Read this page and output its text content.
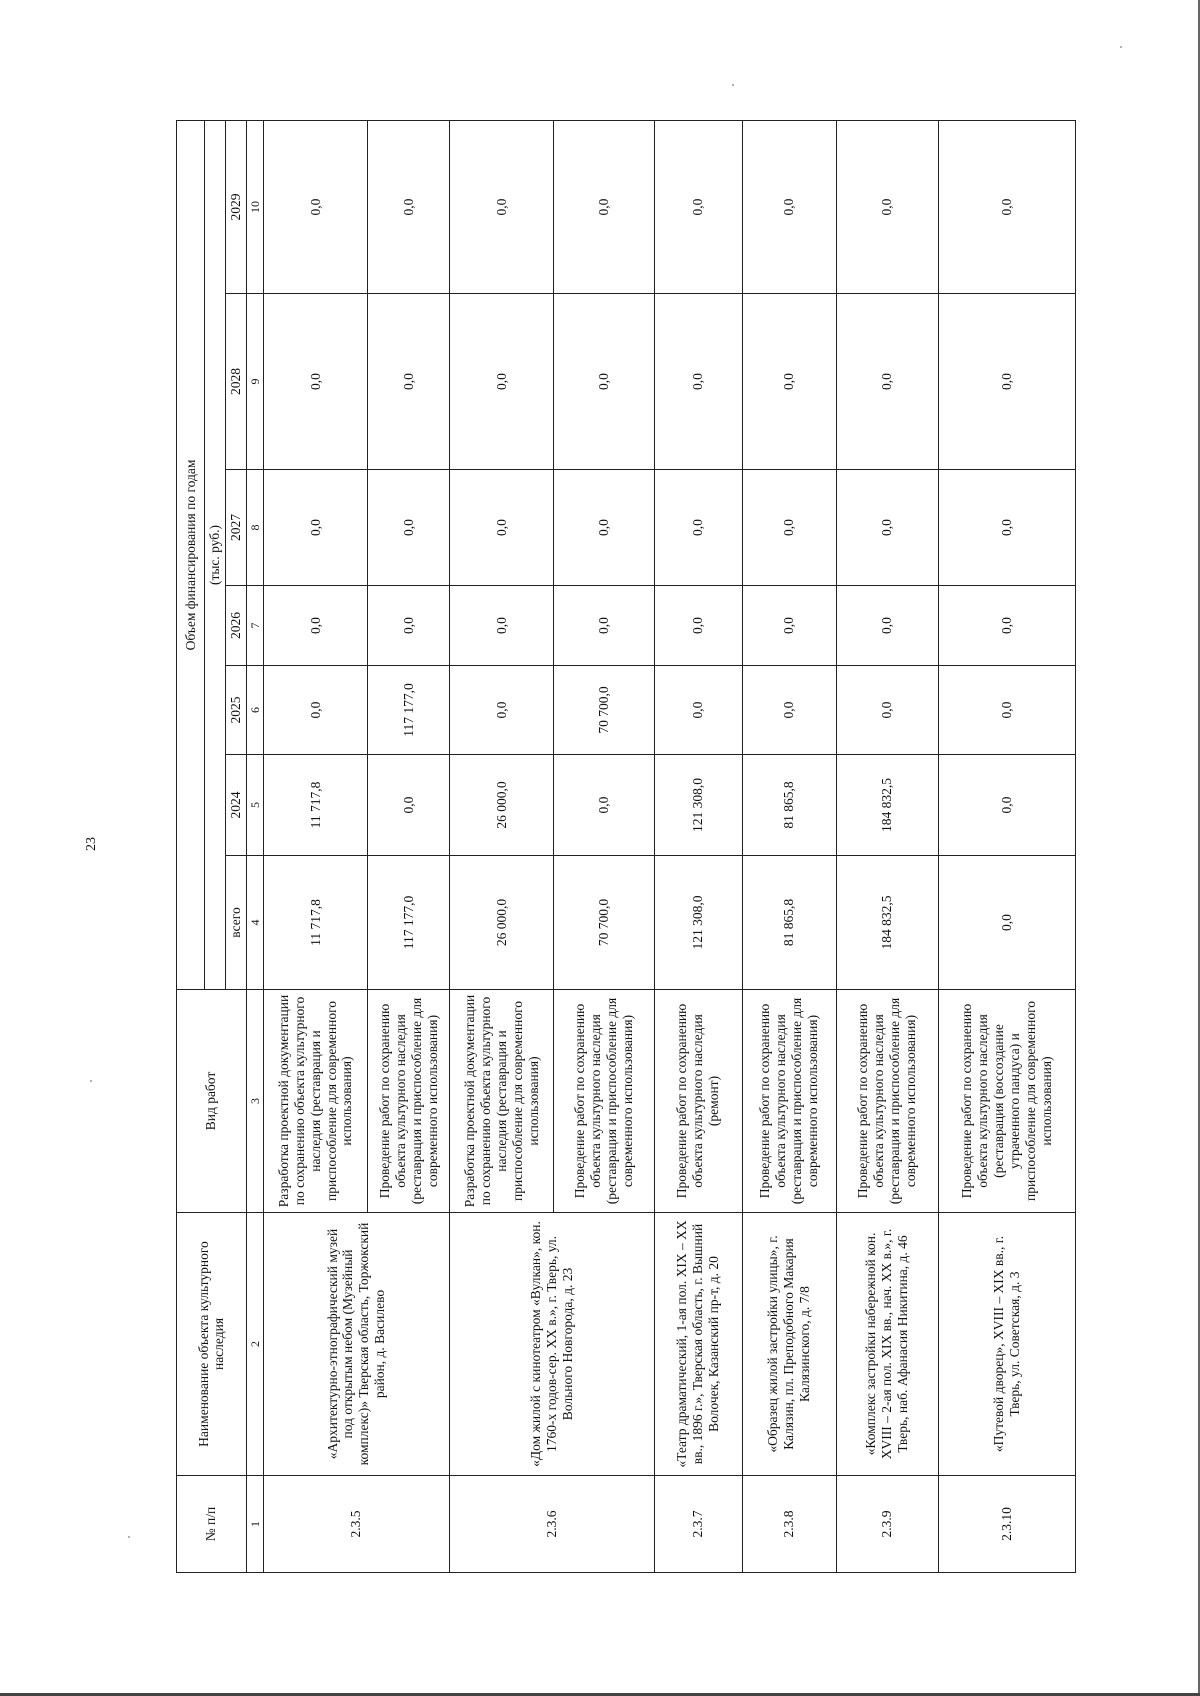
23
№ п/п	Наименование объекта культурного наследия	Вид работ	Объем финансирования по годам						
			(тыс. руб.)						
			всего	2024	2025	2026	2027	2028	2029
1	2	3	4	5	6	7	8	9	10
2.3.5	«Архитектурно-этнографический музей под открытым небом (Музейный комплекс)» Тверская область, Торжокский район, д. Василево	Разработка проектной документации по сохранению объекта культурного наследия (реставрация и приспособление для современного использования)	11 717,8	11 717,8	0,0	0,0	0,0	0,0	0,0
		Проведение работ по сохранению объекта культурного наследия (реставрация и приспособление для современного использования)	117 177,0	0,0	117 177,0	0,0	0,0	0,0	0,0
2.3.6	«Дом жилой с кинотеатром «Вулкан», кон. 1760-х годов-сер. XX в.», г. Тверь, ул. Вольного Новгорода, д. 23	Разработка проектной документации по сохранению объекта культурного наследия (реставрация и приспособление для современного использования)	26 000,0	26 000,0	0,0	0,0	0,0	0,0	0,0
		Проведение работ по сохранению объекта культурного наследия (реставрация и приспособление для современного использования)	70 700,0	0,0	70 700,0	0,0	0,0	0,0	0,0
2.3.7	«Театр драматический, 1-ая пол. XIX – XX вв., 1896 г.», Тверская область, г. Вышний Волочек, Казанский пр-т, д. 20	Проведение работ по сохранению объекта культурного наследия (ремонт)	121 308,0	121 308,0	0,0	0,0	0,0	0,0	0,0
2.3.8	«Образец жилой застройки улицы», г. Калязин, пл. Преподобного Макария Калязинского, д. 7/8	Проведение работ по сохранению объекта культурного наследия (реставрация и приспособление для современного использования)	81 865,8	81 865,8	0,0	0,0	0,0	0,0	0,0
2.3.9	«Комплекс застройки набережной кон. XVIII – 2-ая пол. XIX вв., нач. XX в.», г. Тверь, наб. Афанасия Никитина, д. 46	Проведение работ по сохранению объекта культурного наследия (реставрация и приспособление для современного использования)	184 832,5	184 832,5	0,0	0,0	0,0	0,0	0,0
2.3.10	«Путевой дворец», XVIII – XIX вв., г. Тверь, ул. Советская, д. 3	Проведение работ по сохранению объекта культурного наследия (реставрация (воссоздание утраченного пандуса) и приспособление для современного использования)	0,0	0,0	0,0	0,0	0,0	0,0	0,0
